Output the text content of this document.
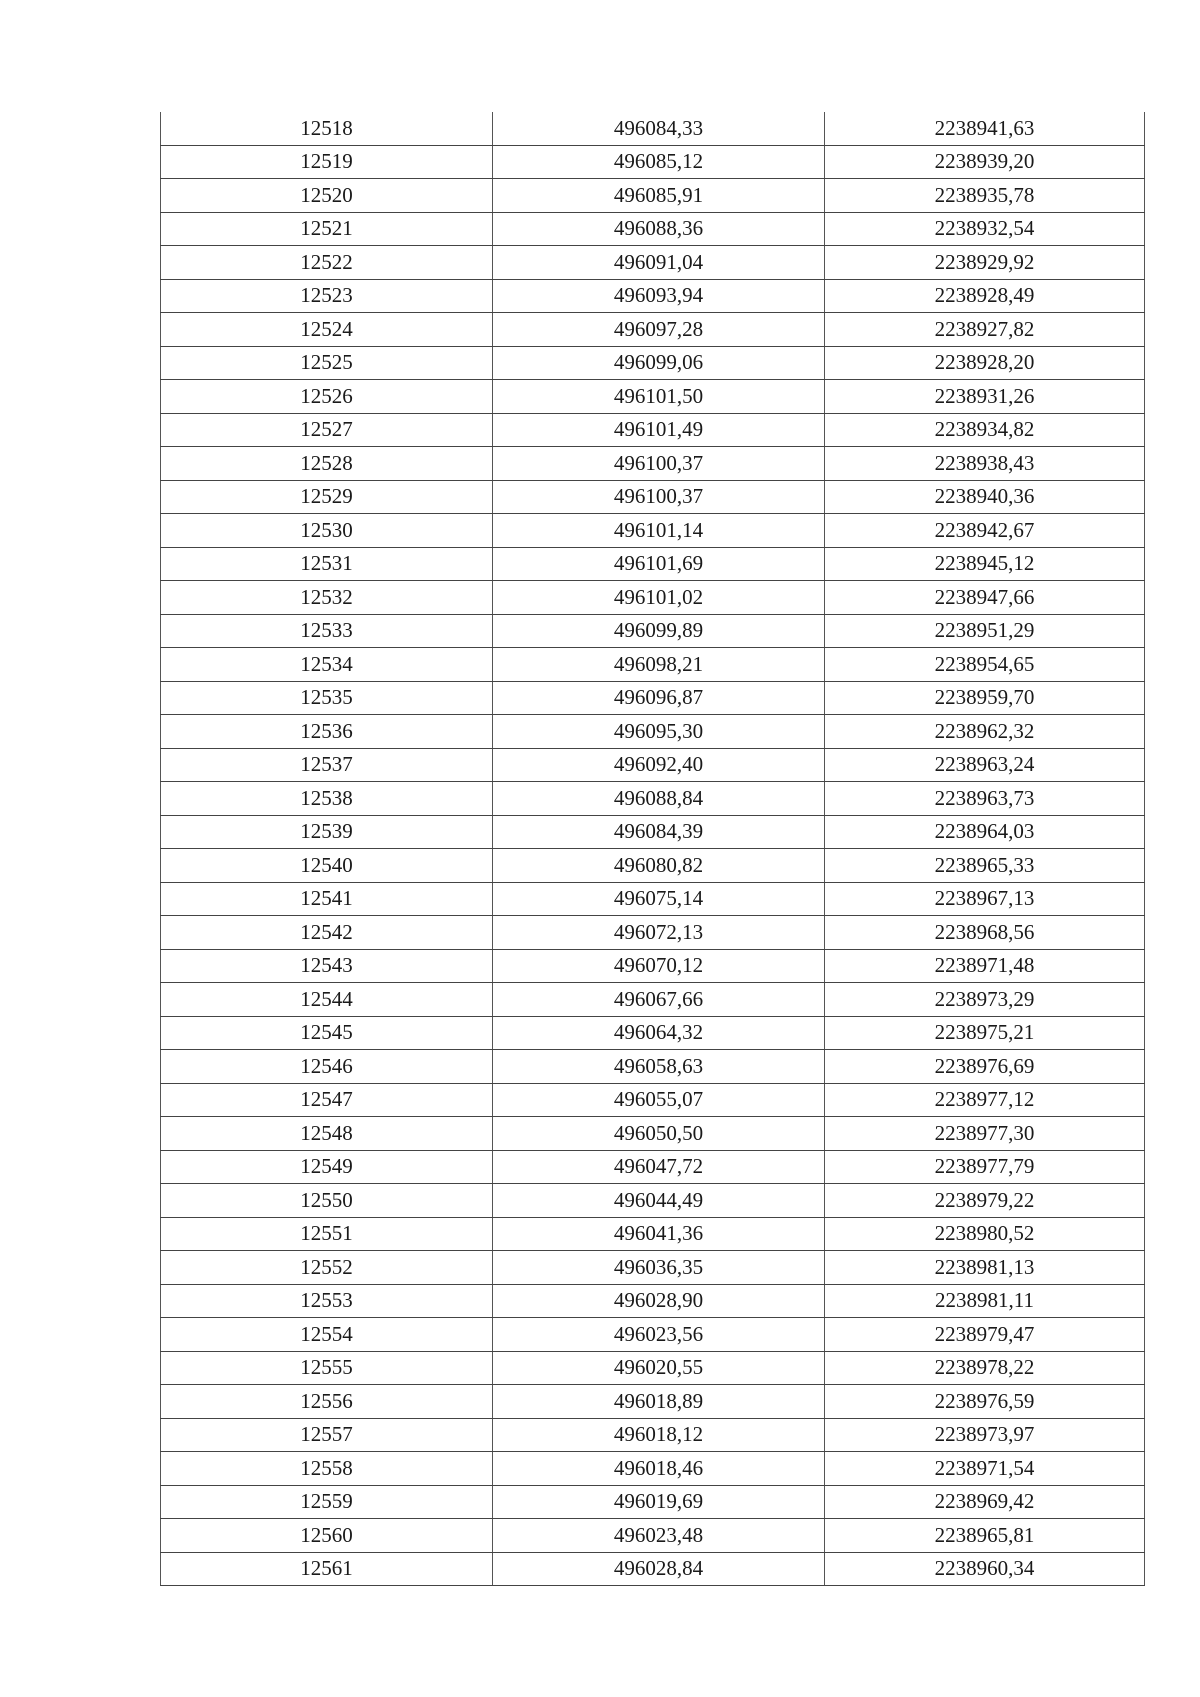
12518	496084,33	2238941,63
12519	496085,12	2238939,20
12520	496085,91	2238935,78
12521	496088,36	2238932,54
12522	496091,04	2238929,92
12523	496093,94	2238928,49
12524	496097,28	2238927,82
12525	496099,06	2238928,20
12526	496101,50	2238931,26
12527	496101,49	2238934,82
12528	496100,37	2238938,43
12529	496100,37	2238940,36
12530	496101,14	2238942,67
12531	496101,69	2238945,12
12532	496101,02	2238947,66
12533	496099,89	2238951,29
12534	496098,21	2238954,65
12535	496096,87	2238959,70
12536	496095,30	2238962,32
12537	496092,40	2238963,24
12538	496088,84	2238963,73
12539	496084,39	2238964,03
12540	496080,82	2238965,33
12541	496075,14	2238967,13
12542	496072,13	2238968,56
12543	496070,12	2238971,48
12544	496067,66	2238973,29
12545	496064,32	2238975,21
12546	496058,63	2238976,69
12547	496055,07	2238977,12
12548	496050,50	2238977,30
12549	496047,72	2238977,79
12550	496044,49	2238979,22
12551	496041,36	2238980,52
12552	496036,35	2238981,13
12553	496028,90	2238981,11
12554	496023,56	2238979,47
12555	496020,55	2238978,22
12556	496018,89	2238976,59
12557	496018,12	2238973,97
12558	496018,46	2238971,54
12559	496019,69	2238969,42
12560	496023,48	2238965,81
12561	496028,84	2238960,34
